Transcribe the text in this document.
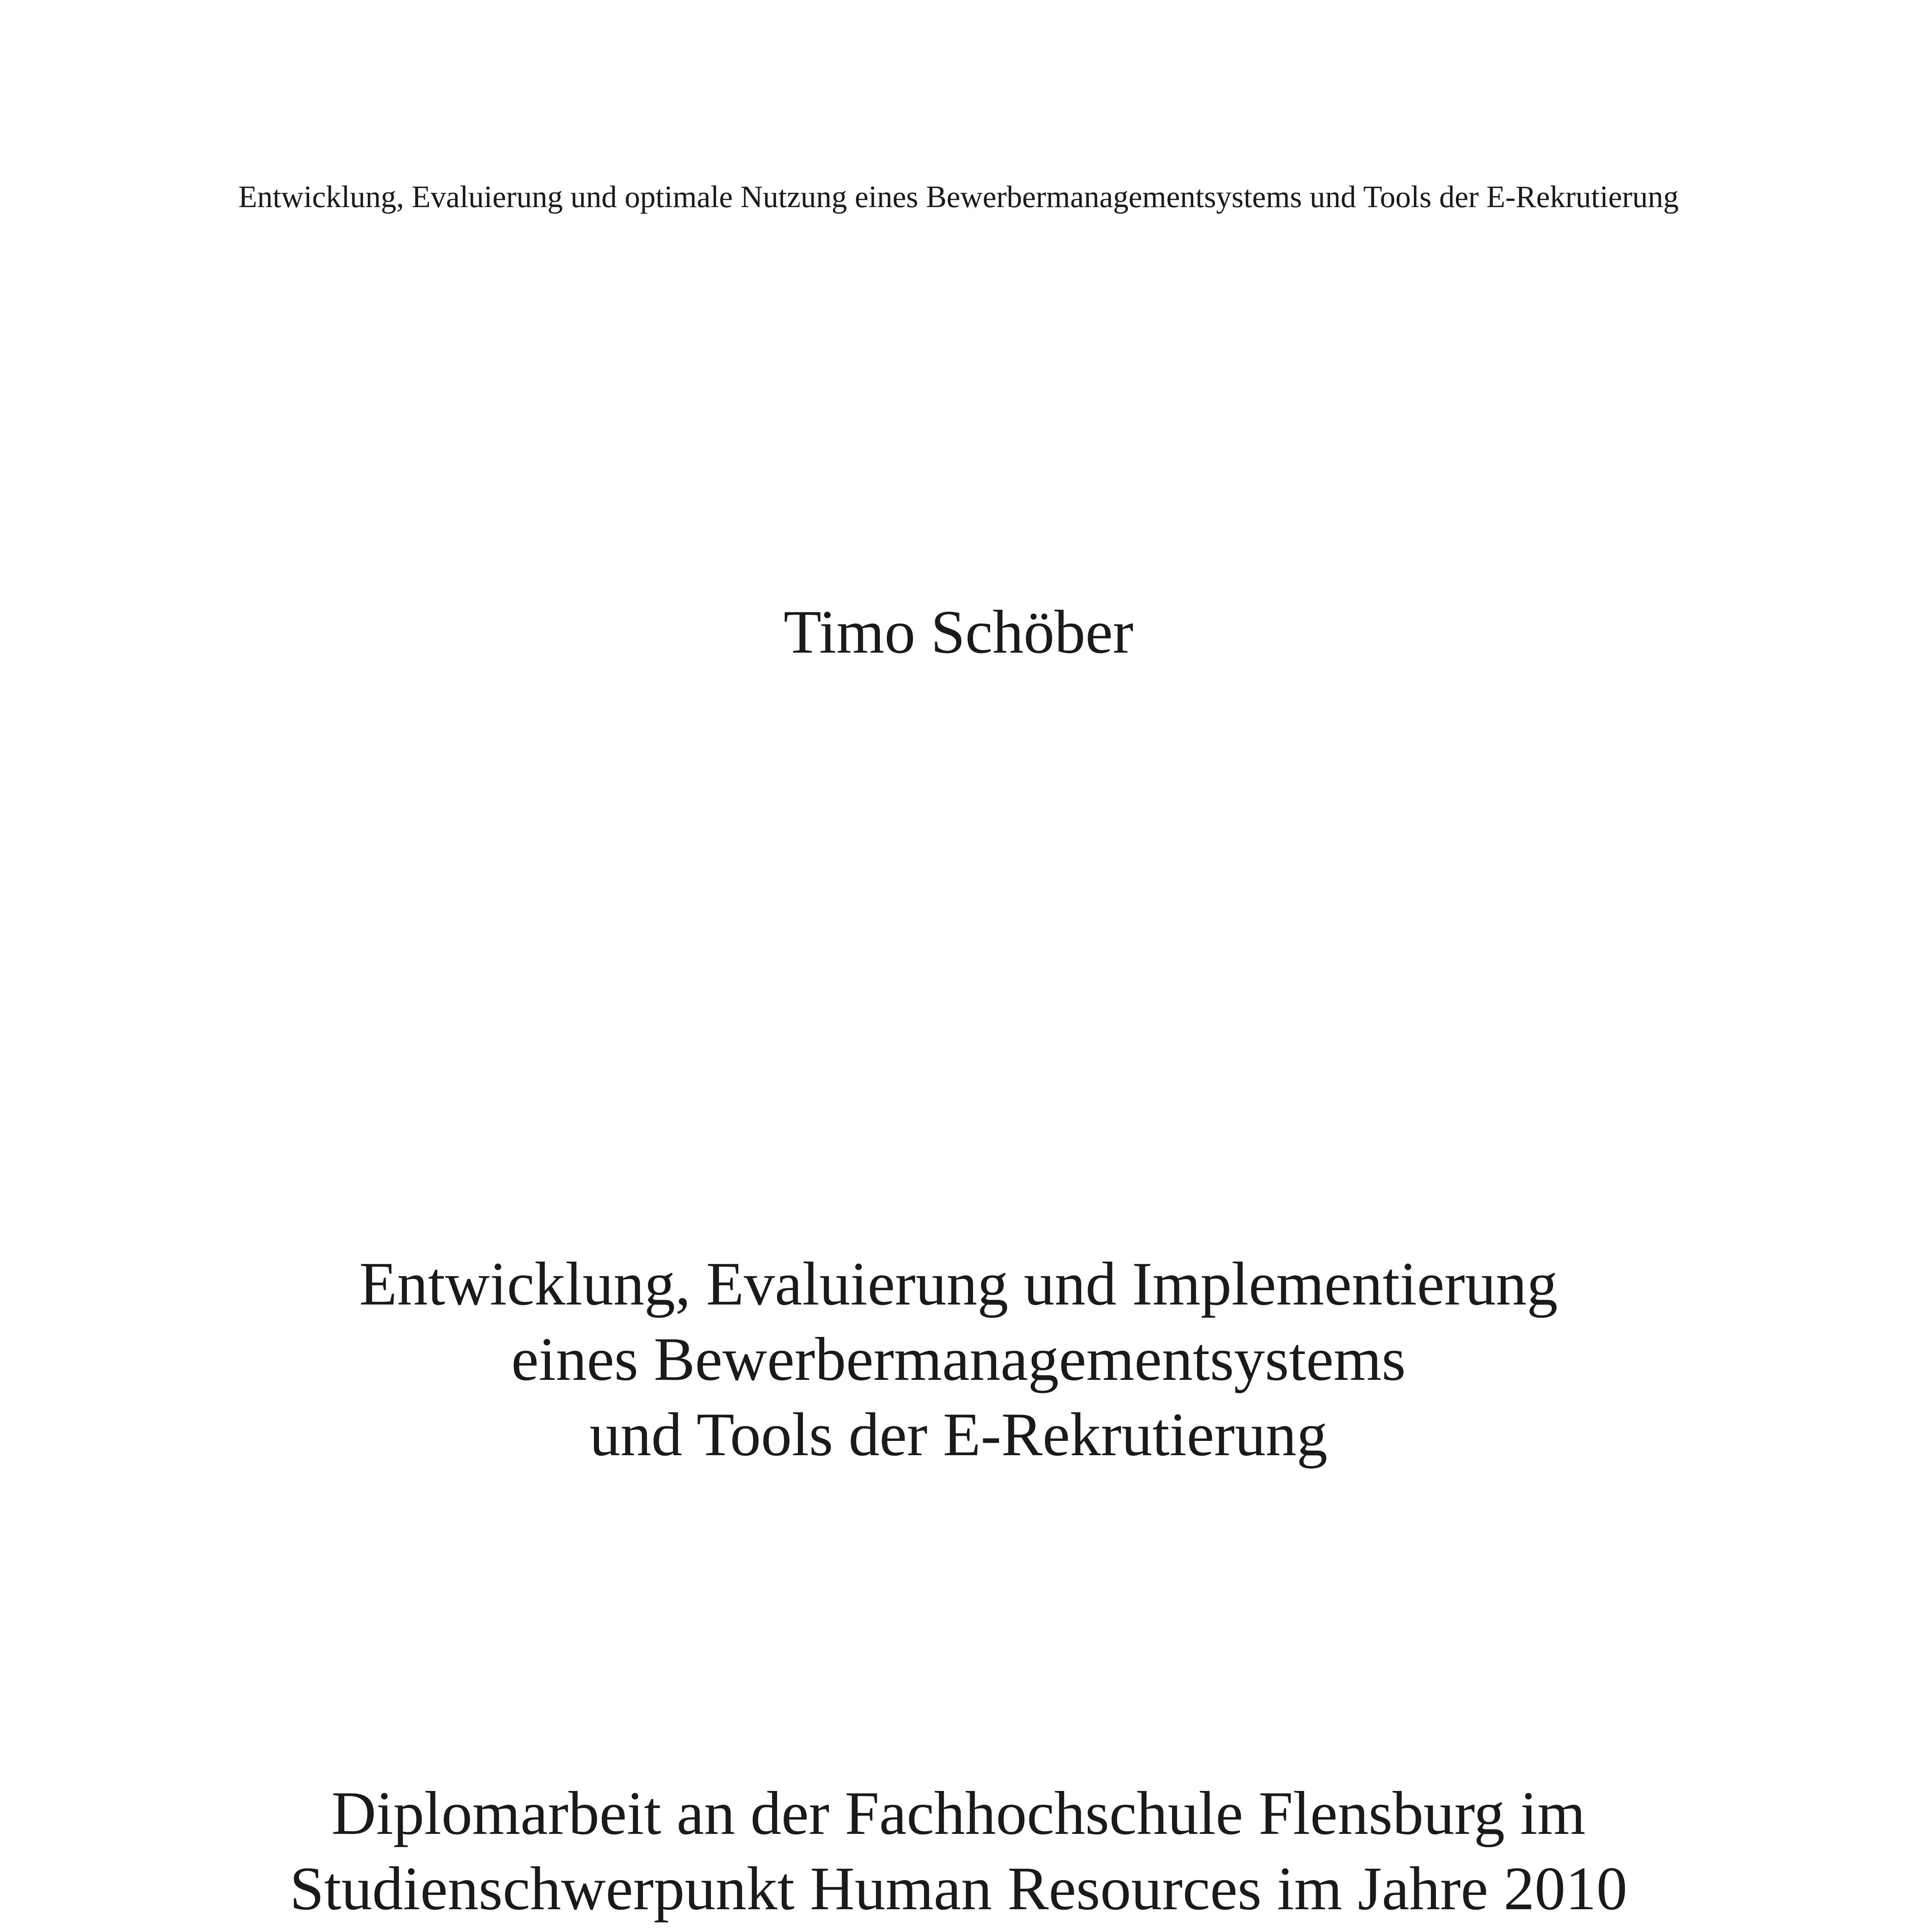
Entwicklung, Evaluierung und optimale Nutzung eines Bewerbermanagementsystems und Tools der E-Rekrutierung
Timo Schöber
Entwicklung, Evaluierung und Implementierung
eines Bewerbermanagementsystems
und Tools der E-Rekrutierung
Diplomarbeit an der Fachhochschule Flensburg im
Studienschwerpunkt Human Resources im Jahre 2010
